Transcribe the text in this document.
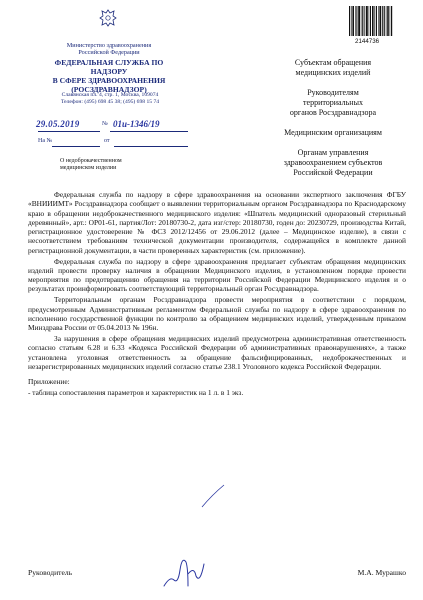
Министерство здравоохранения
Российской Федерации
ФЕДЕРАЛЬНАЯ СЛУЖБА ПО НАДЗОРУ
В СФЕРЕ ЗДРАВООХРАНЕНИЯ
(РОСЗДРАВНАДЗОР)
Славянская пл. 4, стр. 1, Москва, 109074
Телефон: (495) 698 45 38; (495) 698 15 74
29.05.2019	№ 01и-1346/19
На №	от
О недоброкачественном
медицинском изделии
2144736
Субъектам обращения
медицинских изделий
Руководителям
территориальных
органов Росздравнадзора
Медицинским организациям
Органам управления
здравоохранением субъектов
Российской Федерации

Федеральная служба по надзору в сфере здравоохранения на основании экспертного заключения ФГБУ «ВНИИИМТ» Росздравнадзора сообщает о выявлении территориальным органом Росздравнадзора по Краснодарскому краю в обращении недоброкачественного медицинского изделия: «Шпатель медицинский одноразовый стерильный деревянный», арт.: OP01-61, партия/Лот: 20180730-2, дата изг/стер: 20180730, годен до: 20230729, производства Китай, регистрационное удостоверение № ФСЗ 2012/12456 от 29.06.2012 (далее – Медицинское изделие), в связи с несоответствием требованиям технической документации производителя, содержащейся в комплекте данной регистрационной документации, в части проверенных характеристик (см. приложение).

Федеральная служба по надзору в сфере здравоохранения предлагает субъектам обращения медицинских изделий провести проверку наличия в обращении Медицинского изделия, в установленном порядке провести мероприятия по предотвращению обращения на территории Российской Федерации Медицинского изделия и о результатах проинформировать соответствующий территориальный орган Росздравнадзора.

Территориальным органам Росздравнадзора провести мероприятия в соответствии с порядком, предусмотренным Административным регламентом Федеральной службы по надзору в сфере здравоохранения по исполнению государственной функции по контролю за обращением медицинских изделий, утвержденным приказом Минздрава России от 05.04.2013 № 196н.

За нарушения в сфере обращения медицинских изделий предусмотрена административная ответственность согласно статьям 6.28 и 6.33 «Кодекса Российской Федерации об административных правонарушениях», а также установлена уголовная ответственность за обращение фальсифицированных, недоброкачественных и незарегистрированных медицинских изделий согласно статье 238.1 Уголовного кодекса Российской Федерации.

Приложение:

- таблица сопоставления параметров и характеристик на 1 л. в 1 экз.

Руководитель	М.А. Мурашко
